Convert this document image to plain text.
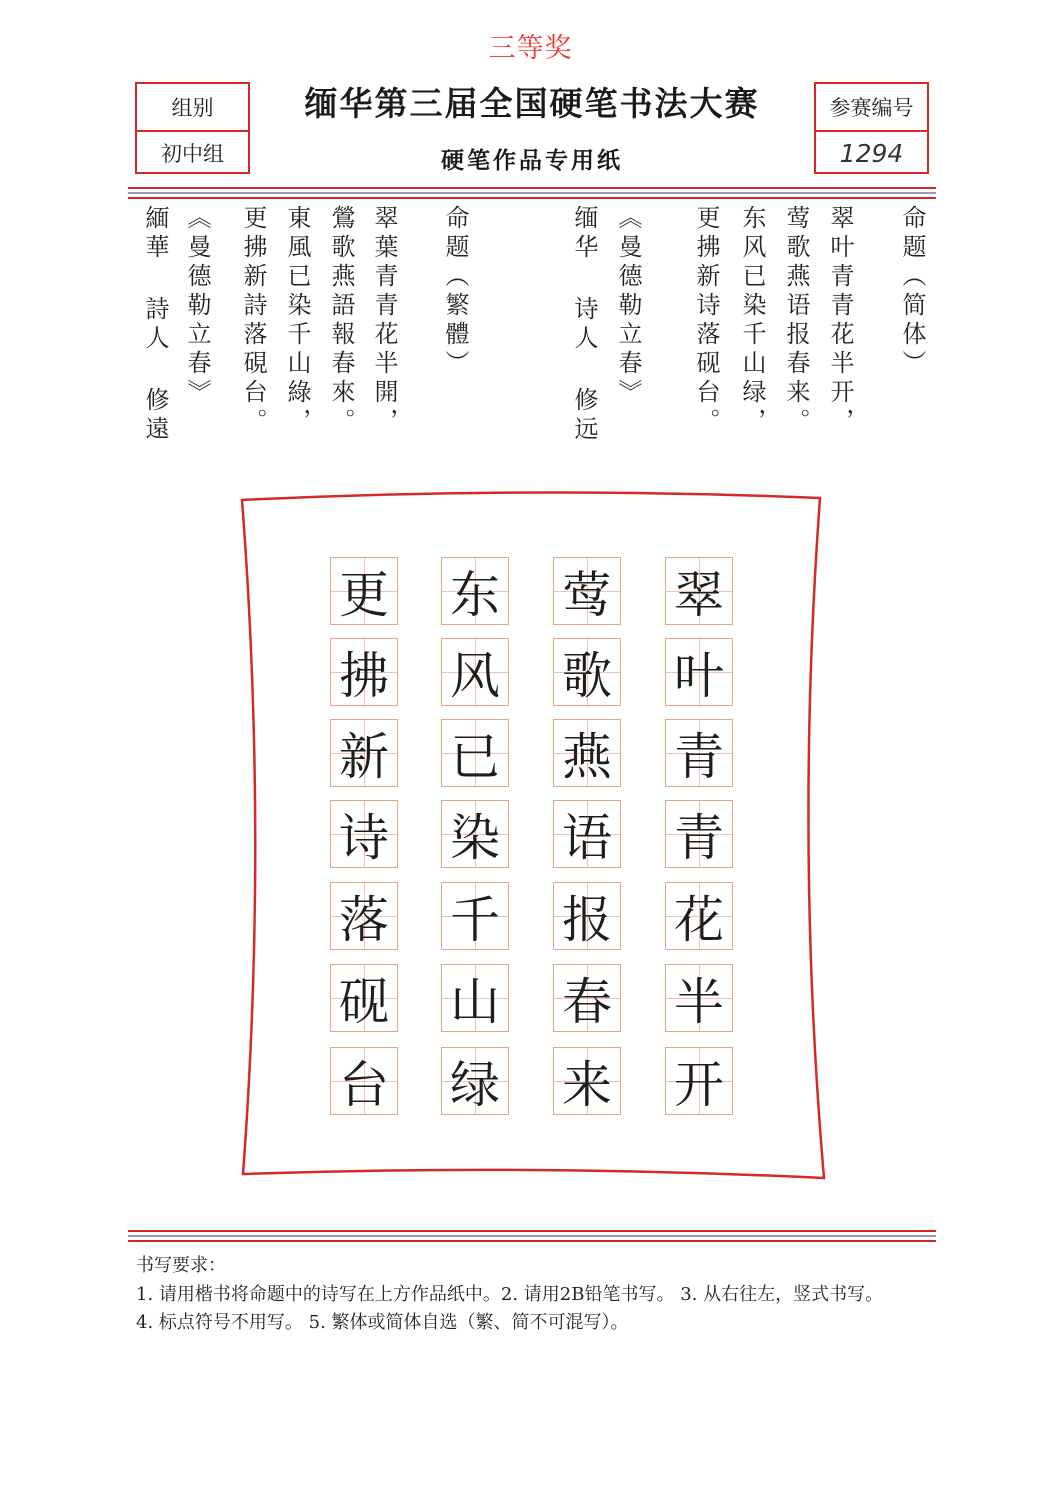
三等奖
组别
初中组
缅华第三届全国硬笔书法大赛
硬笔作品专用纸
参赛编号
1294
命题（简体）
翠叶青青花半开，
莺歌燕语报春来。
东风已染千山绿，
更拂新诗落砚台。
《曼德勒立春》
缅华 诗人 修远
命题（繁體）
翠葉青青花半開，
鶯歌燕語報春來。
東風已染千山綠，
更拂新詩落硯台。
《曼德勒立春》
緬華 詩人 修遠
翠
叶
青
青
花
半
开
莺
歌
燕
语
报
春
来
东
风
已
染
千
山
绿
更
拂
新
诗
落
砚
台
书写要求：
1. 请用楷书将命题中的诗写在上方作品纸中。2. 请用2B铅笔书写。 3. 从右往左，竖式书写。
4. 标点符号不用写。 5. 繁体或简体自选（繁、简不可混写）。
